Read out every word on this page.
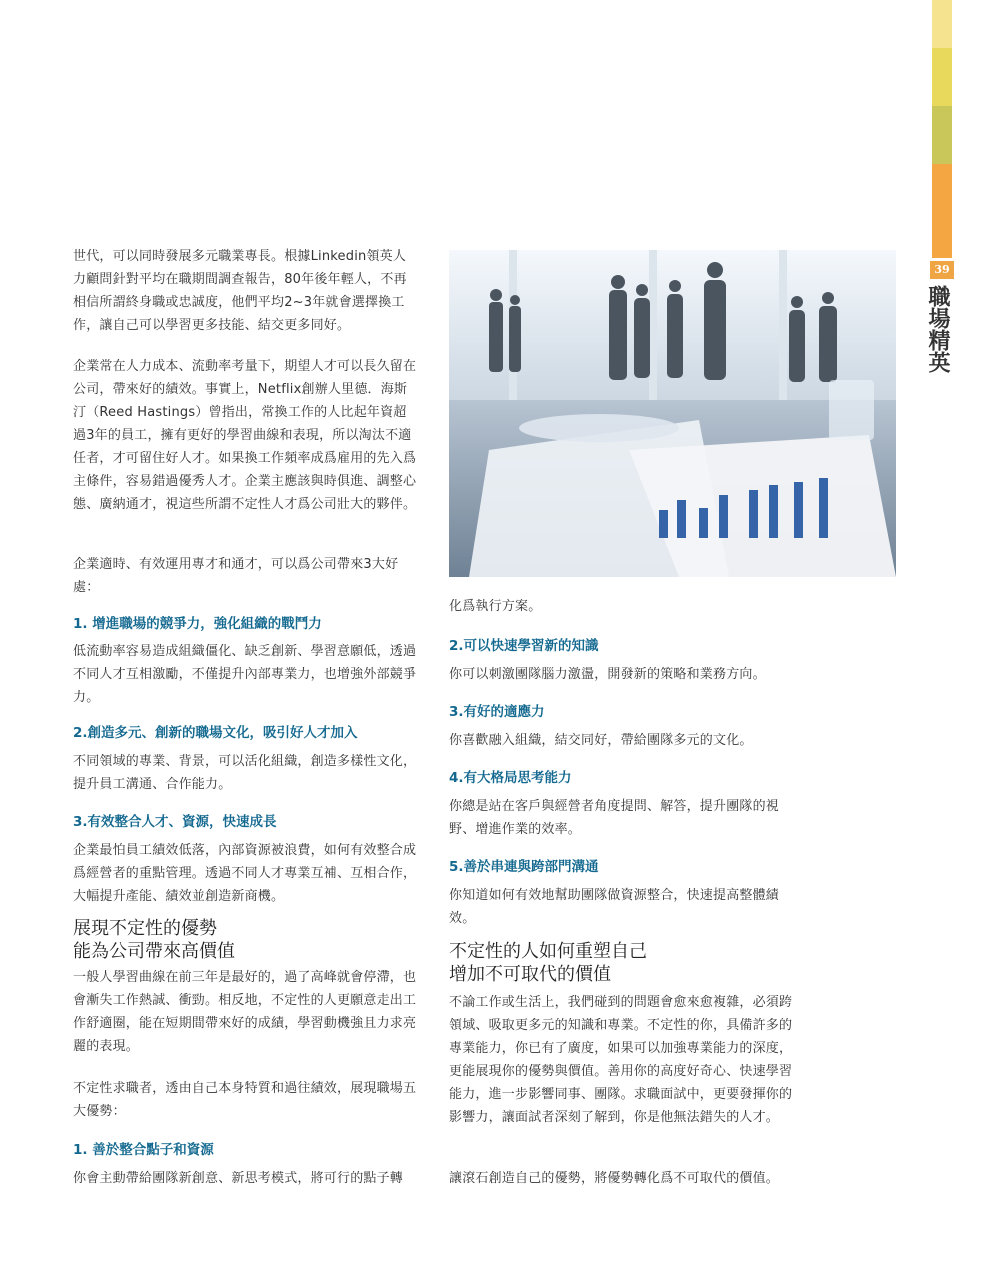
39
職場精英

世代，可以同時發展多元職業專長。根據Linkedin領英人力顧問針對平均在職期間調查報告，80年後年輕人，不再相信所謂終身職或忠誠度，他們平均2~3年就會選擇換工作，讓自己可以學習更多技能、結交更多同好。

企業常在人力成本、流動率考量下，期望人才可以長久留在公司，帶來好的績效。事實上，Netflix創辦人里德．海斯汀（Reed Hastings）曾指出，常換工作的人比起年資超過3年的員工，擁有更好的學習曲線和表現，所以淘汰不適任者，才可留住好人才。如果換工作頻率成爲雇用的先入爲主條件，容易錯過優秀人才。企業主應該與時俱進、調整心態、廣納通才，視這些所謂不定性人才爲公司壯大的夥伴。

企業適時、有效運用專才和通才，可以爲公司帶來3大好處：

1. 增進職場的競爭力，強化組織的戰鬥力

低流動率容易造成組織僵化、缺乏創新、學習意願低，透過不同人才互相激勵，不僅提升內部專業力，也增強外部競爭力。

2.創造多元、創新的職場文化，吸引好人才加入

不同領域的專業、背景，可以活化組織，創造多樣性文化，提升員工溝通、合作能力。

3.有效整合人才、資源，快速成長

企業最怕員工績效低落，內部資源被浪費，如何有效整合成爲經營者的重點管理。透過不同人才專業互補、互相合作，大幅提升產能、績效並創造新商機。

展現不定性的優勢
能為公司帶來高價值

一般人學習曲線在前三年是最好的，過了高峰就會停滯，也會漸失工作熱誠、衝勁。相反地，不定性的人更願意走出工作舒適圈，能在短期間帶來好的成績，學習動機強且力求亮麗的表現。

不定性求職者，透由自己本身特質和過往績效，展現職場五大優勢：

1. 善於整合點子和資源

你會主動帶給團隊新創意、新思考模式，將可行的點子轉

化爲執行方案。

2.可以快速學習新的知識

你可以刺激團隊腦力激盪，開發新的策略和業務方向。

3.有好的適應力

你喜歡融入組織，結交同好，帶給團隊多元的文化。

4.有大格局思考能力

你總是站在客戶與經營者角度提問、解答，提升團隊的視野、增進作業的效率。

5.善於串連與跨部門溝通

你知道如何有效地幫助團隊做資源整合，快速提高整體績效。

不定性的人如何重塑自己
增加不可取代的價值

不論工作或生活上，我們碰到的問題會愈來愈複雜，必須跨領域、吸取更多元的知識和專業。不定性的你，具備許多的專業能力，你已有了廣度，如果可以加強專業能力的深度，更能展現你的優勢與價值。善用你的高度好奇心、快速學習能力，進一步影響同事、團隊。求職面試中，更要發揮你的影響力，讓面試者深刻了解到，你是他無法錯失的人才。

讓滾石創造自己的優勢，將優勢轉化爲不可取代的價值。
